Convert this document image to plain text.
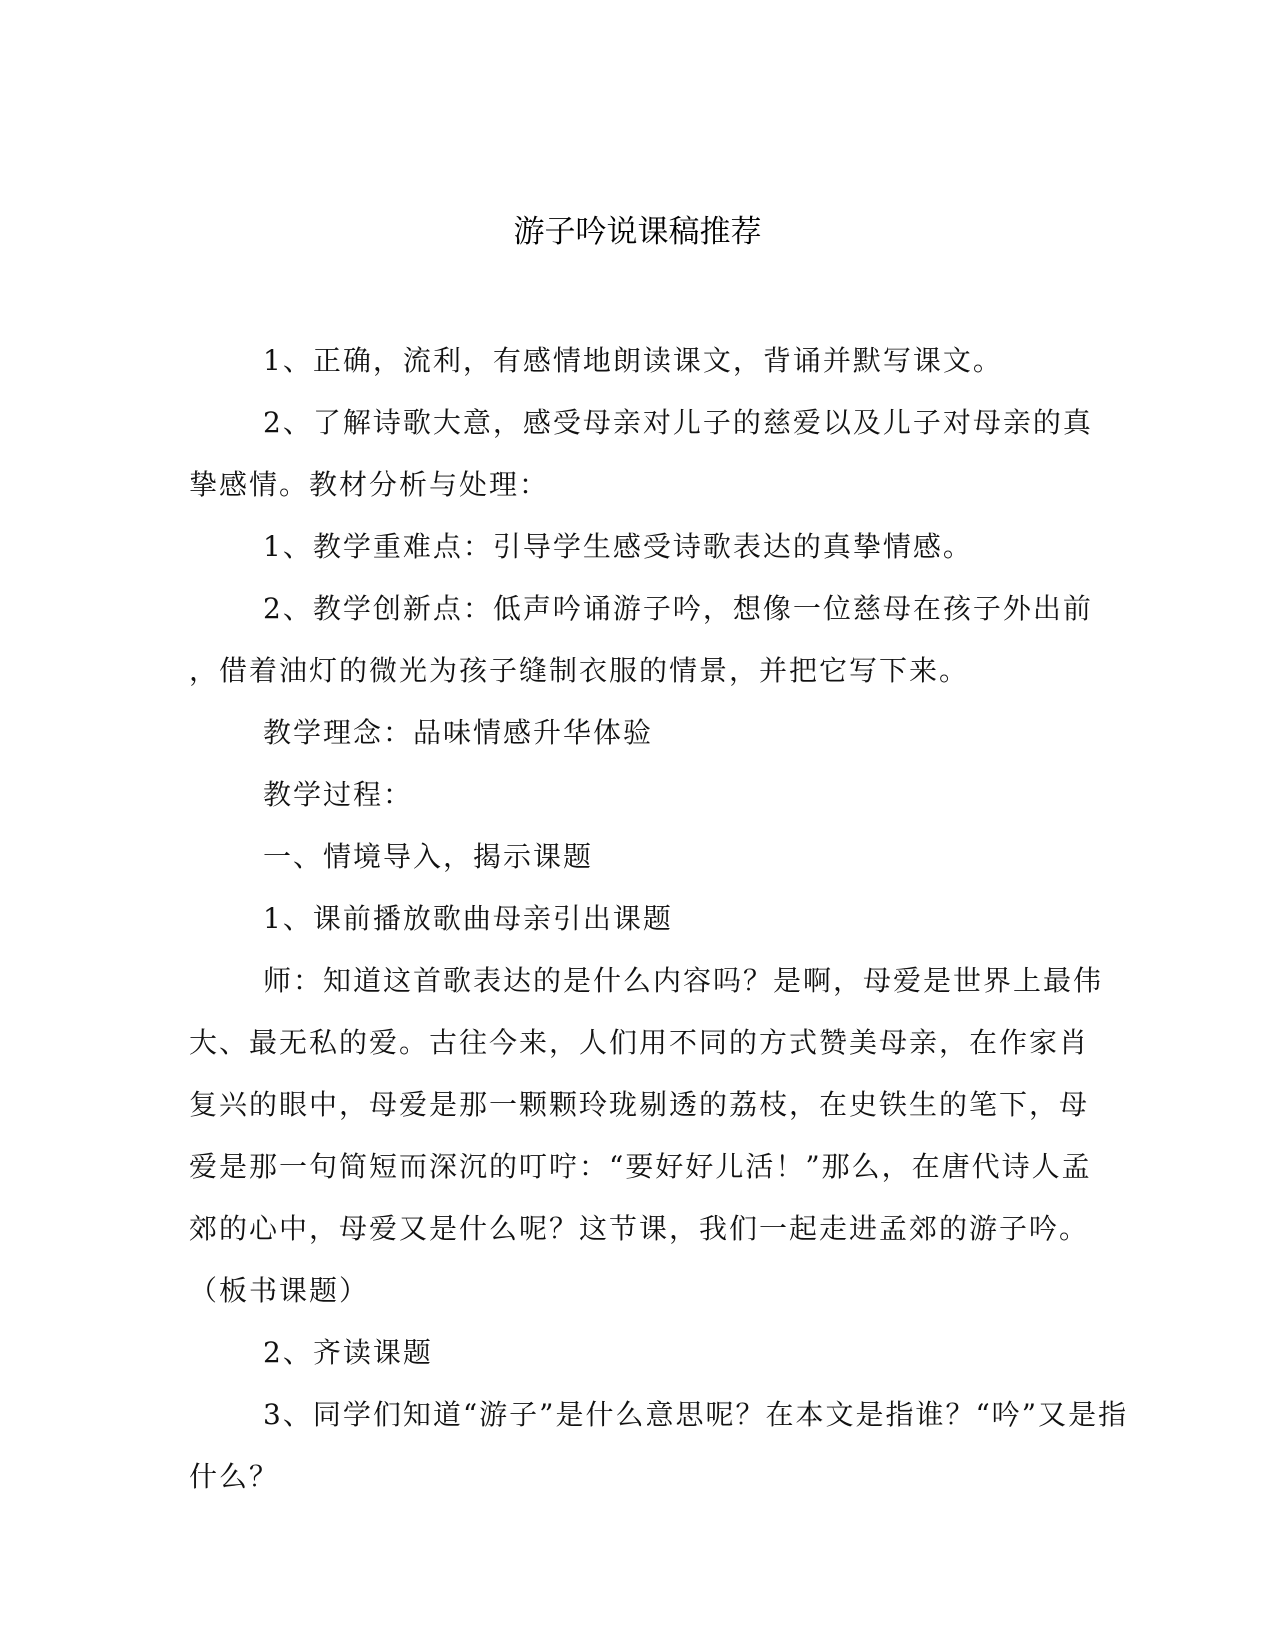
游子吟说课稿推荐

1、正确，流利，有感情地朗读课文，背诵并默写课文。

2、了解诗歌大意，感受母亲对儿子的慈爱以及儿子对母亲的真

挚感情。教材分析与处理：

1、教学重难点：引导学生感受诗歌表达的真挚情感。

2、教学创新点：低声吟诵游子吟，想像一位慈母在孩子外出前

，借着油灯的微光为孩子缝制衣服的情景，并把它写下来。

教学理念：品味情感升华体验

教学过程：

一、情境导入，揭示课题

1、课前播放歌曲母亲引出课题

师：知道这首歌表达的是什么内容吗？是啊，母爱是世界上最伟

大、最无私的爱。古往今来，人们用不同的方式赞美母亲，在作家肖

复兴的眼中，母爱是那一颗颗玲珑剔透的荔枝，在史铁生的笔下，母

爱是那一句简短而深沉的叮咛：“要好好儿活！”那么，在唐代诗人孟

郊的心中，母爱又是什么呢？这节课，我们一起走进孟郊的游子吟。

（板书课题）

2、齐读课题

3、同学们知道“游子”是什么意思呢？在本文是指谁？“吟”又是指

什么？
